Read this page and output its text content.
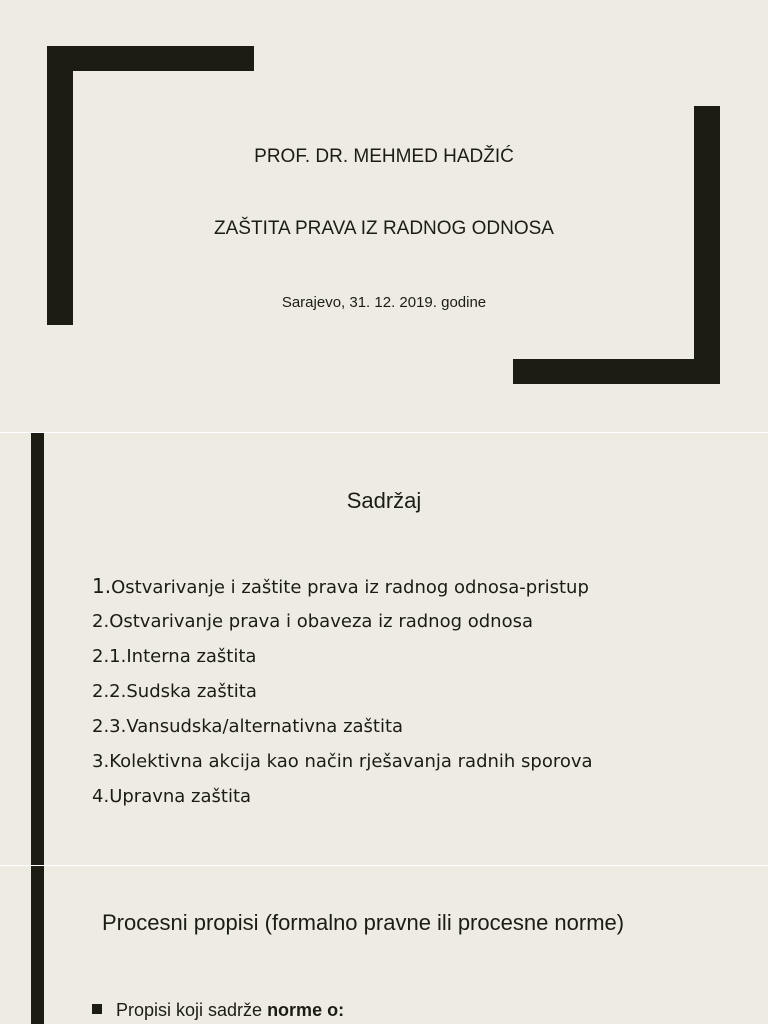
PROF. DR. MEHMED HADŽIĆ
ZAŠTITA PRAVA IZ RADNOG ODNOSA
Sarajevo, 31. 12. 2019. godine
Sadržaj
1.Ostvarivanje i zaštite prava iz radnog odnosa-pristup
2.Ostvarivanje prava i obaveza iz radnog odnosa
2.1.Interna zaštita
2.2.Sudska zaštita
2.3.Vansudska/alternativna zaštita
3.Kolektivna akcija kao način rješavanja radnih sporova
4.Upravna zaštita
Procesni propisi (formalno pravne ili procesne norme)
Propisi koji sadrže norme o:
